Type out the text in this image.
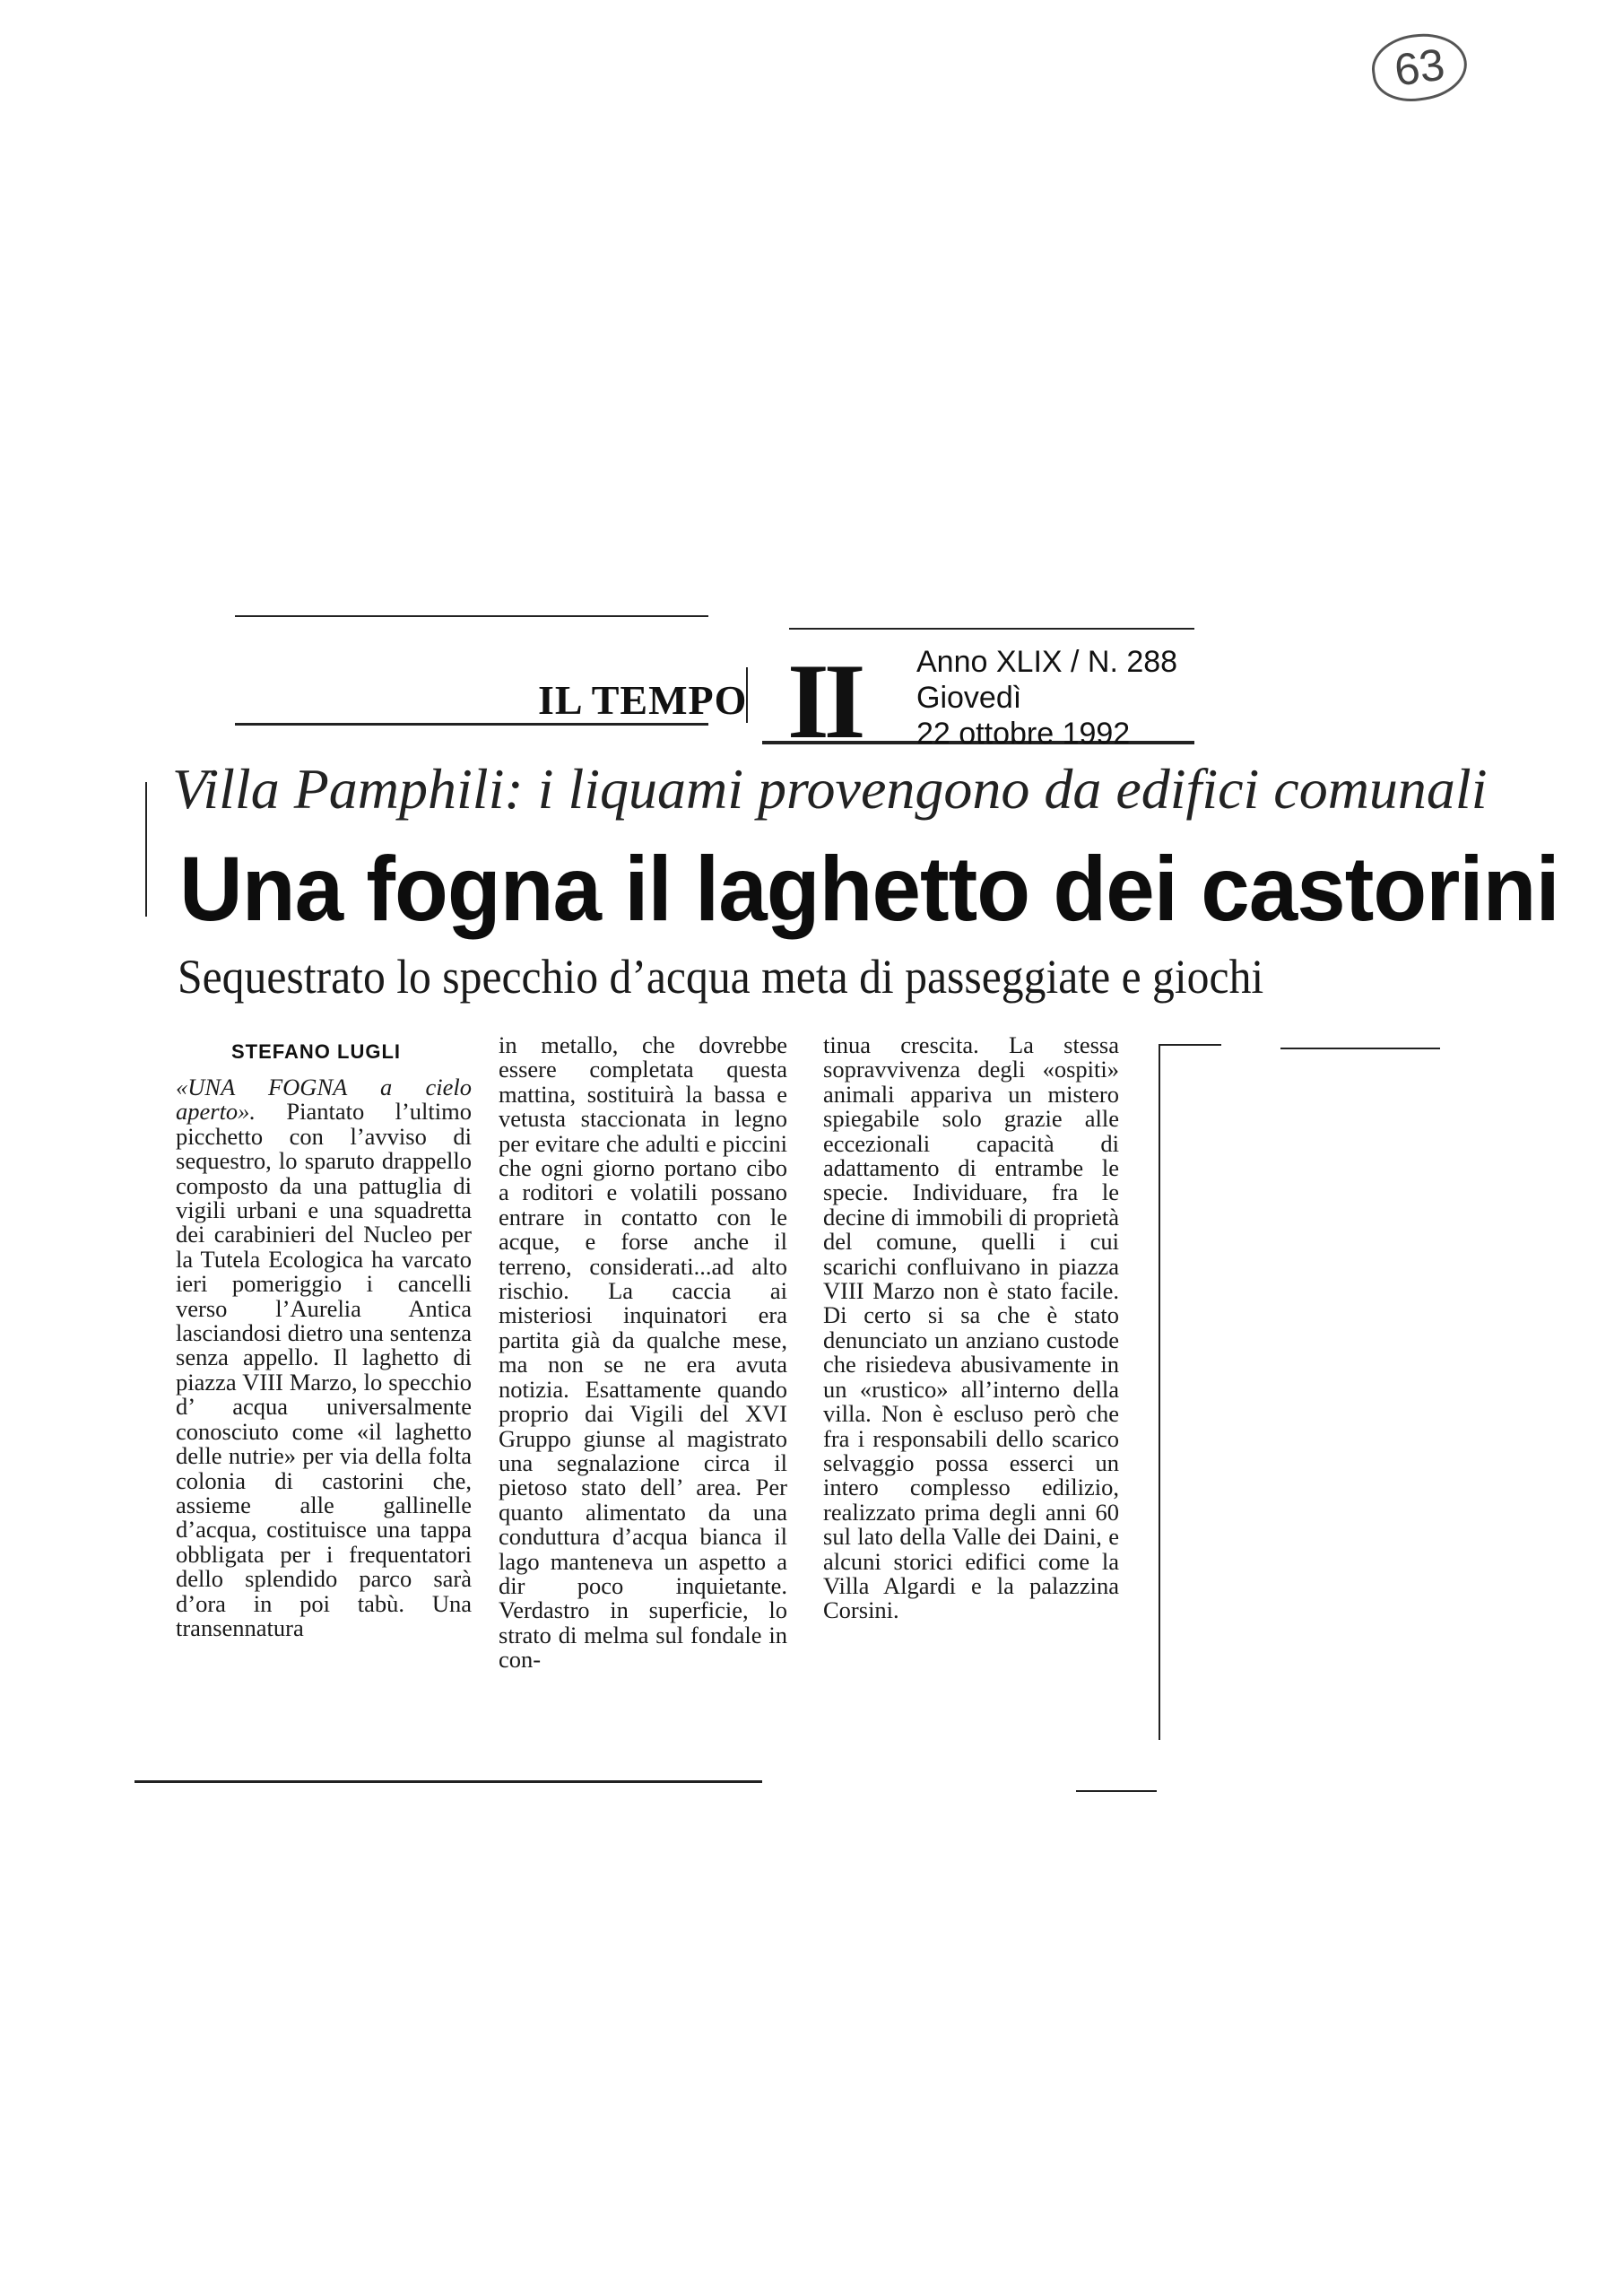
63
IL TEMPO II Anno XLIX / N. 288
Giovedì
22 ottobre 1992
Villa Pamphili: i liquami provengono da edifici comunali
Una fogna il laghetto dei castorini
Sequestrato lo specchio d’acqua meta di passeggiate e giochi
STEFANO LUGLI

«UNA FOGNA a cielo aperto». Piantato l’ultimo picchetto con l’avviso di sequestro, lo sparuto drappello composto da una pattuglia di vigili urbani e una squadretta dei carabinieri del Nucleo per la Tutela Ecologica ha varcato ieri pomeriggio i cancelli verso l’Aurelia Antica lasciandosi dietro una sentenza senza appello. Il laghetto di piazza VIII Marzo, lo specchio d’ acqua universalmente conosciuto come «il laghetto delle nutrie» per via della folta colonia di castorini che, assieme alle gallinelle d’acqua, costituisce una tappa obbligata per i frequentatori dello splendido parco sarà d’ora in poi tabù. Una transennatura

in metallo, che dovrebbe essere completata questa mattina, sostituirà la bassa e vetusta staccionata in legno per evitare che adulti e piccini che ogni giorno portano cibo a roditori e volatili possano entrare in contatto con le acque, e forse anche il terreno, considerati...ad alto rischio. La caccia ai misteriosi inquinatori era partita già da qualche mese, ma non se ne era avuta notizia. Esattamente quando proprio dai Vigili del XVI Gruppo giunse al magistrato una segnalazione circa il pietoso stato dell’ area. Per quanto alimentato da una conduttura d’acqua bianca il lago manteneva un aspetto a dir poco inquietante. Verdastro in superficie, lo strato di melma sul fondale in con-

tinua crescita. La stessa sopravvivenza degli «ospiti» animali appariva un mistero spiegabile solo grazie alle eccezionali capacità di adattamento di entrambe le specie. Individuare, fra le decine di immobili di proprietà del comune, quelli i cui scarichi confluivano in piazza VIII Marzo non è stato facile. Di certo si sa che è stato denunciato un anziano custode che risiedeva abusivamente in un «rustico» all’interno della villa. Non è escluso però che fra i responsabili dello scarico selvaggio possa esserci un intero complesso edilizio, realizzato prima degli anni 60 sul lato della Valle dei Daini, e alcuni storici edifici come la Villa Algardi e la palazzina Corsini.
